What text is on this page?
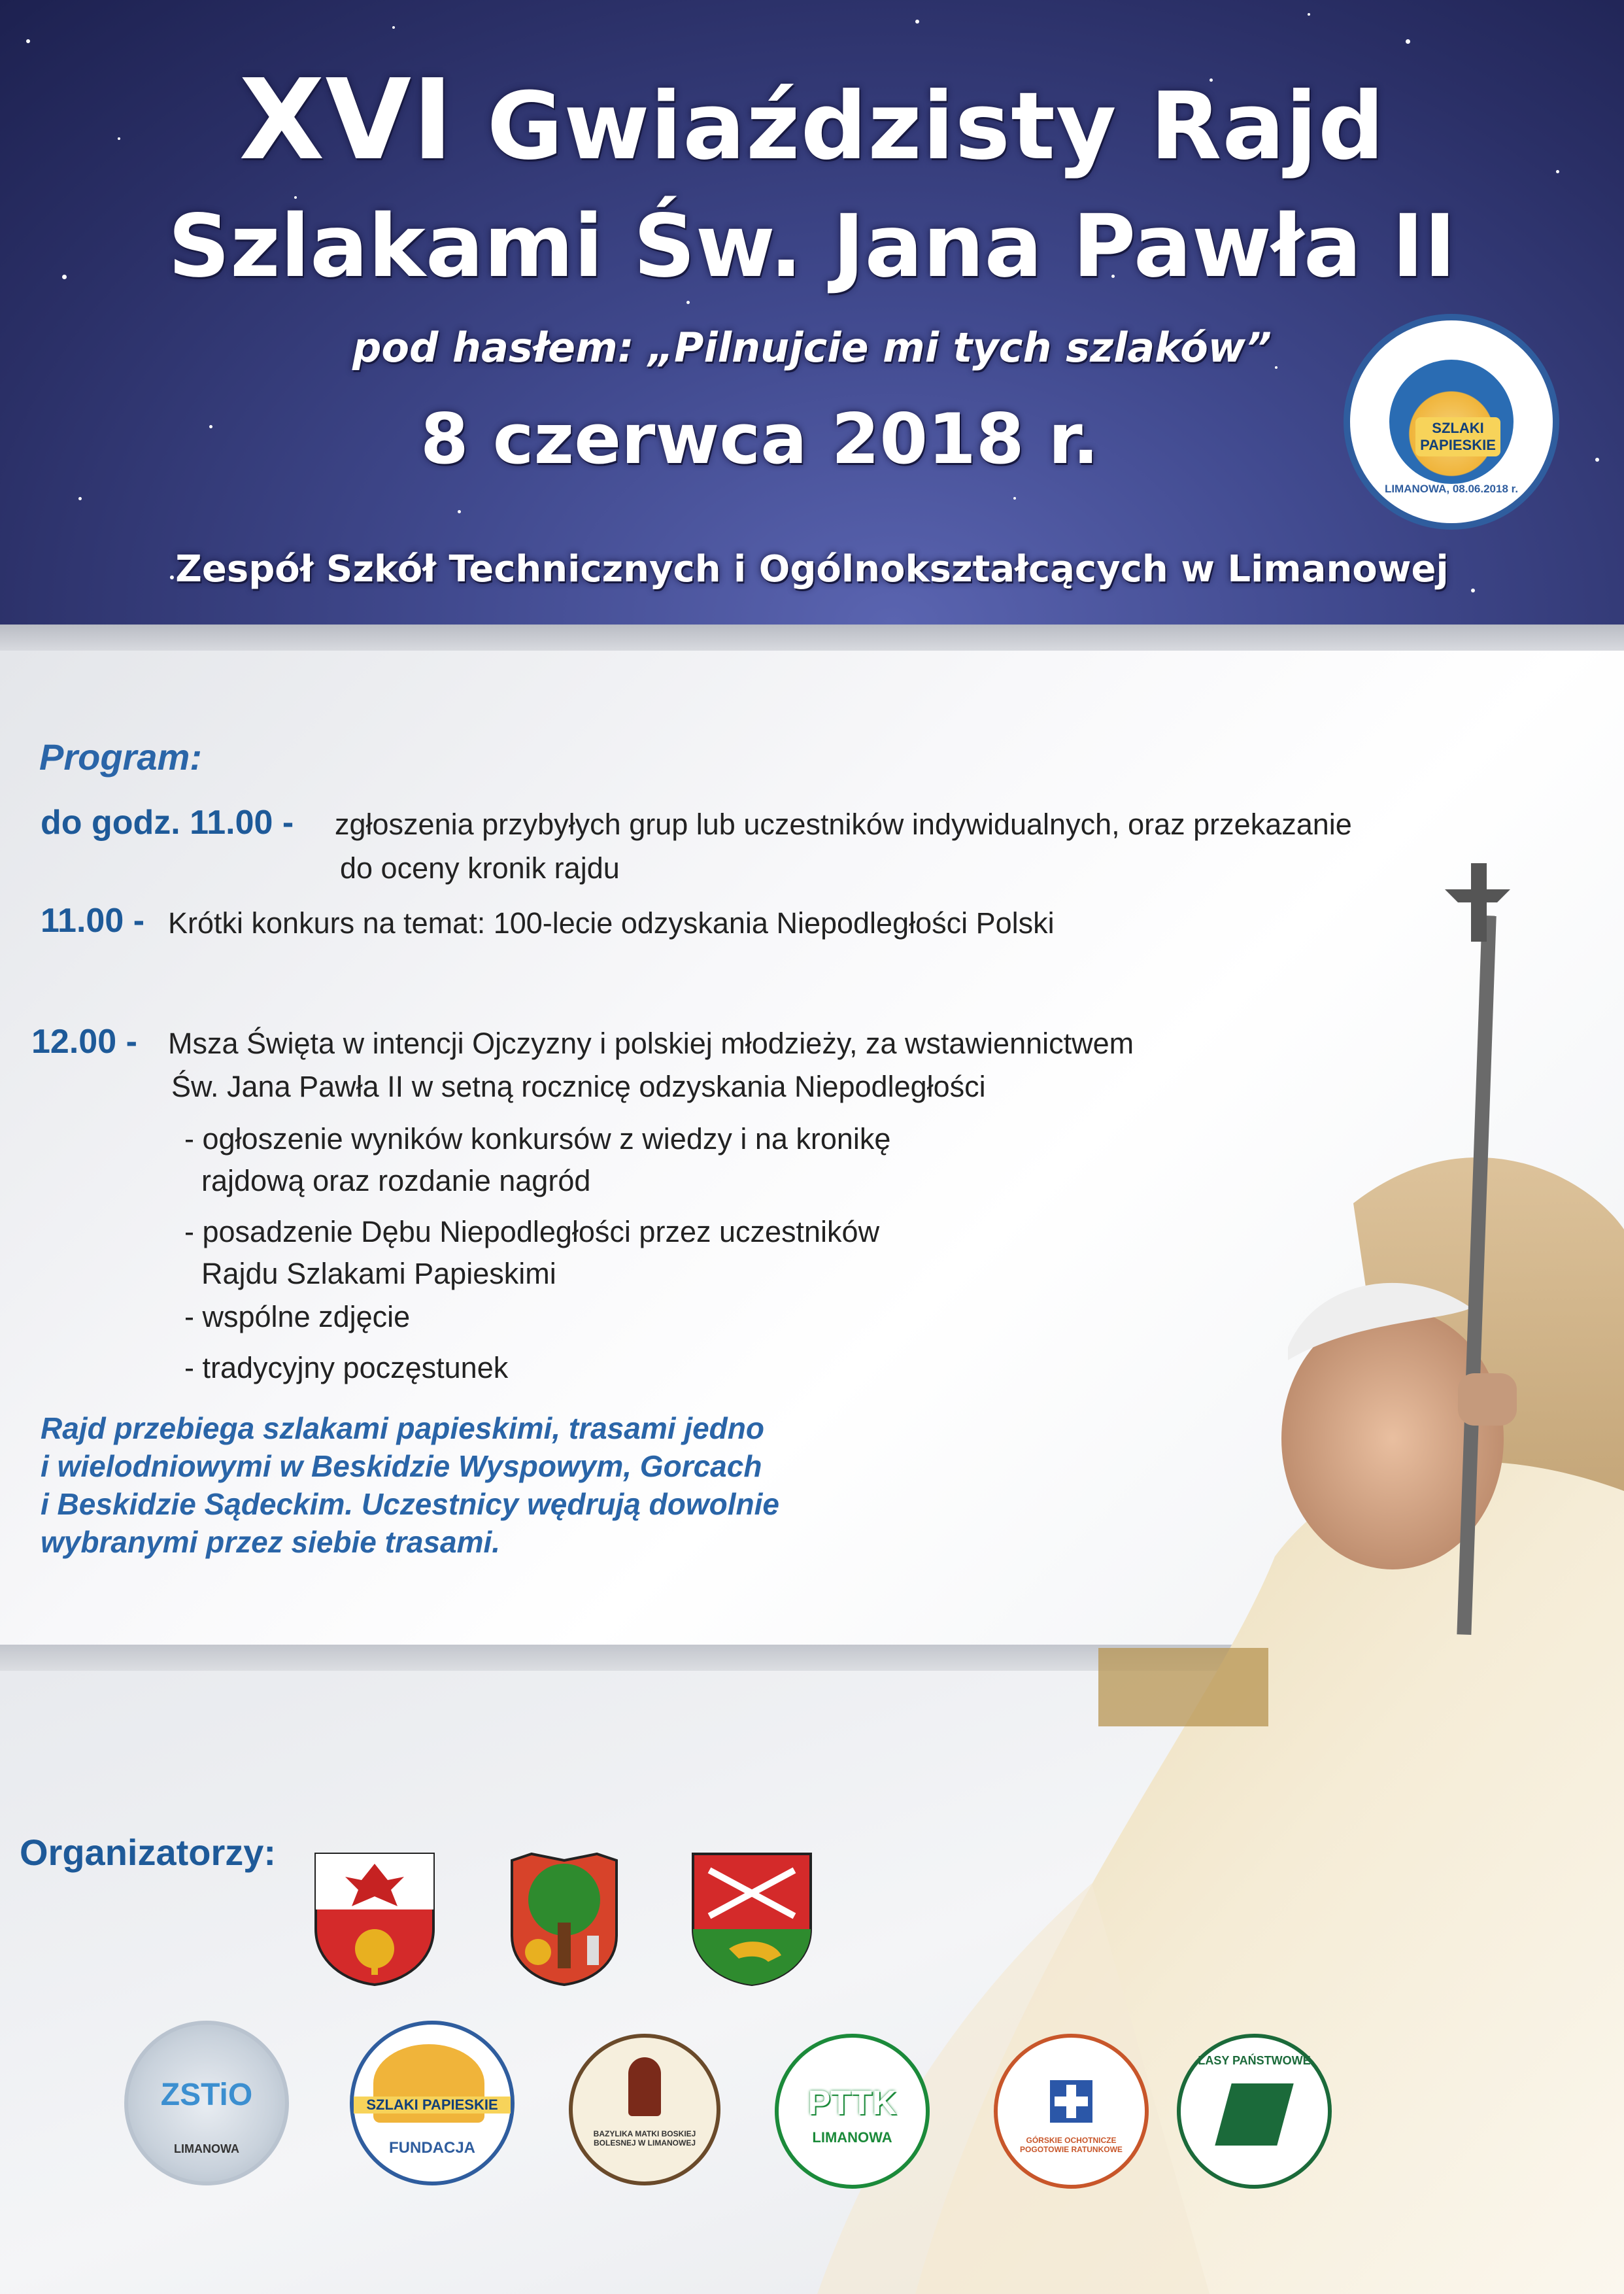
XVI Gwiaździsty Rajd
Szlakami Św. Jana Pawła II
pod hasłem: „Pilnujcie mi tych szlaków”
8 czerwca 2018 r.
Zespół Szkół Technicznych i Ogólnokształcących w Limanowej
SZLAKI PAPIESKIE
LIMANOWA, 08.06.2018 r.
Program:
do godz. 11.00 - zgłoszenia przybyłych grup lub uczestników indywidualnych, oraz przekazanie
do oceny kronik rajdu
11.00 - Krótki konkurs na temat: 100-lecie odzyskania Niepodległości Polski
12.00 - Msza Święta w intencji Ojczyzny i polskiej młodzieży, za wstawiennictwem
Św. Jana Pawła II w setną rocznicę odzyskania Niepodległości
- ogłoszenie wyników konkursów z wiedzy i na kronikę
rajdową oraz rozdanie nagród
- posadzenie Dębu Niepodległości przez uczestników
Rajdu Szlakami Papieskimi
- wspólne zdjęcie
- tradycyjny poczęstunek
Rajd przebiega szlakami papieskimi, trasami jedno
i wielodniowymi w Beskidzie Wyspowym, Gorcach
i Beskidzie Sądeckim. Uczestnicy wędrują dowolnie
wybranymi przez siebie trasami.
Organizatorzy:
ZSTiO
LIMANOWA
SZLAKI PAPIESKIE
FUNDACJA
BAZYLIKA MATKI BOSKIEJ BOLESNEJ W LIMANOWEJ
PTTK
LIMANOWA	GÓRSKIE OCHOTNICZE POGOTOWIE RATUNKOWE
LASY PAŃSTWOWE
